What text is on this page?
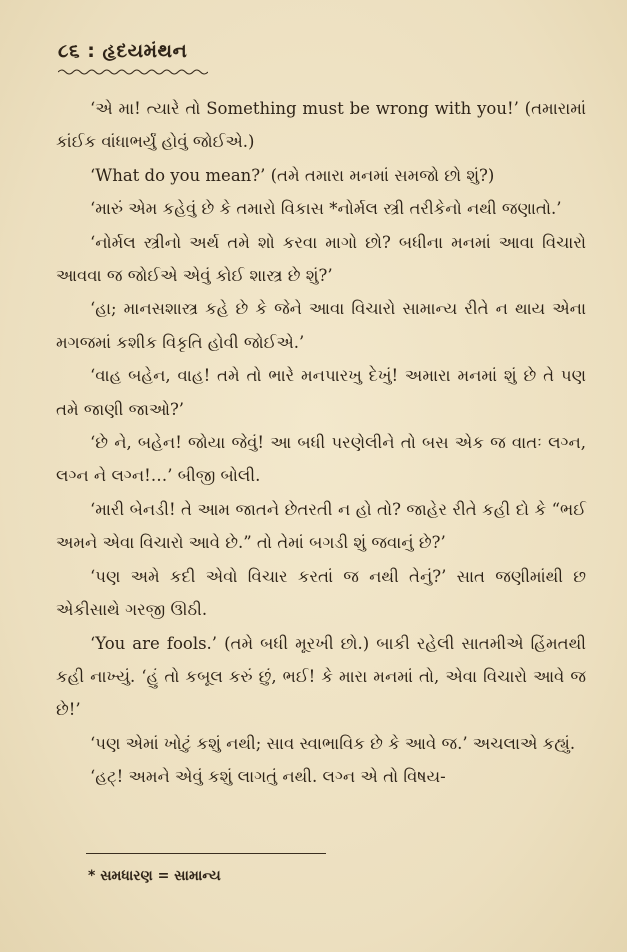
૮૬ : હૃદયમંથન

‘એ મા! ત્યારે તો Something must be wrong with you!’ (તમારામાં કાંઈક વાંધાભર્યું હોવું જોઈએ.)

‘What do you mean?’ (તમે તમારા મનમાં સમજો છો શું?)

‘મારું એમ કહેવું છે કે તમારો વિકાસ *નોર્મલ સ્ત્રી તરીકેનો નથી જણાતો.’

‘નોર્મલ સ્ત્રીનો અર્થ તમે શો કરવા માગો છો? બધીના મનમાં આવા વિચારો આવવા જ જોઈએ એવું કોઈ શાસ્ત્ર છે શું?’

‘હા; માનસશાસ્ત્ર કહે છે કે જેને આવા વિચારો સામાન્ય રીતે ન થાય એના મગજમાં કશીક વિકૃતિ હોવી જોઈએ.’

‘વાહ બહેન, વાહ! તમે તો ભારે મનપારખુ દેખું! અમારા મનમાં શું છે તે પણ તમે જાણી જાઓ?’

‘છે ને, બહેન! જોયા જેવું! આ બધી પરણેલીને તો બસ એક જ વાતઃ લગ્ન, લગ્ન ને લગ્ન!…’ બીજી બોલી.

‘મારી બેનડી! તે આમ જાતને છેતરતી ન હો તો? જાહેર રીતે કહી દો કે “ભઈ અમને એવા વિચારો આવે છે.” તો તેમાં બગડી શું જવાનું છે?’

‘પણ અમે કદી એવો વિચાર કરતાં જ નથી તેનું?’ સાત જણીમાંથી છ એકીસાથે ગરજી ઊઠી.

‘You are fools.’ (તમે બધી મૂરખી છો.) બાકી રહેલી સાતમીએ હિંમતથી કહી નાખ્યું. ‘હું તો કબૂલ કરું છું, ભઈ! કે મારા મનમાં તો, એવા વિચારો આવે જ છે!’

‘પણ એમાં ખોટું કશું નથી; સાવ સ્વાભાવિક છે કે આવે જ.’ અચલાએ કહ્યું.

‘હટ્! અમને એવું કશું લાગતું નથી. લગ્ન એ તો વિષય-

* સમધારણ = સામાન્ય
